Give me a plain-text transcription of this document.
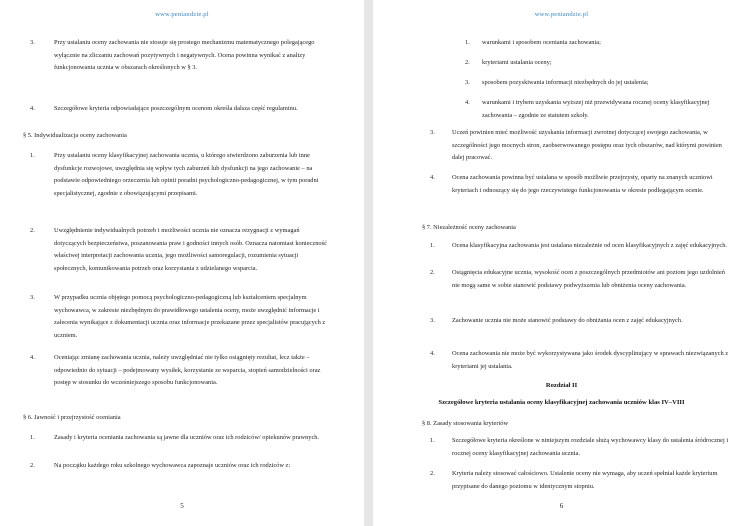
www.peniandzie.pl
3.	Przy ustalaniu oceny zachowania nie stosuje się prostego mechanizmu matematycznego polegającego wyłącznie na zliczaniu zachowań pozytywnych i negatywnych. Ocena powinna wynikać z analizy funkcjonowania ucznia w obszarach określonych w § 3.
4.	Szczegółowe kryteria odpowiadające poszczególnym ocenom określa dalsza część regulaminu.
§ 5. Indywidualizacja oceny zachowania
1.	Przy ustalaniu oceny klasyfikacyjnej zachowania ucznia, u którego stwierdzono zaburzenia lub inne dysfunkcje rozwojowe, uwzględnia się wpływ tych zaburzeń lub dysfunkcji na jego zachowanie – na podstawie odpowiedniego orzeczenia lub opinii poradni psychologiczno-pedagogicznej, w tym poradni specjalistycznej, zgodnie z obowiązującymi przepisami.
2.	Uwzględnienie indywidualnych potrzeb i możliwości ucznia nie oznacza rezygnacji z wymagań dotyczących bezpieczeństwa, poszanowania praw i godności innych osób. Oznacza natomiast konieczność właściwej interpretacji zachowania ucznia, jego możliwości samoregulacji, rozumienia sytuacji społecznych, komunikowania potrzeb oraz korzystania z udzielanego wsparcia.
3.	W przypadku ucznia objętego pomocą psychologiczno-pedagogiczną lub kształceniem specjalnym wychowawca, w zakresie niezbędnym do prawidłowego ustalenia oceny, może uwzględnić informacje i zalecenia wynikające z dokumentacji ucznia oraz informacje przekazane przez specjalistów pracujących z uczniem.
4.	Oceniając zmianę zachowania ucznia, należy uwzględniać nie tylko osiągnięty rezultat, lecz także – odpowiednio do sytuacji – podejmowany wysiłek, korzystanie ze wsparcia, stopień samodzielności oraz postęp w stosunku do wcześniejszego sposobu funkcjonowania.
§ 6. Jawność i przejrzystość oceniania
1.	Zasady i kryteria oceniania zachowania są jawne dla uczniów oraz ich rodziców/ opiekunów prawnych.
2.	Na początku każdego roku szkolnego wychowawca zapoznaje uczniów oraz ich rodziców z:
5
www.peniandzie.pl
1.	warunkami i sposobem oceniania zachowania;
2.	kryteriami ustalania oceny;
3.	sposobem pozyskiwania informacji niezbędnych do jej ustalenia;
4.	warunkami i trybem uzyskania wyższej niż przewidywana rocznej oceny klasyfikacyjnej zachowania – zgodnie ze statutem szkoły.
3.	Uczeń powinien mieć możliwość uzyskania informacji zwrotnej dotyczącej swojego zachowania, w szczególności jego mocnych stron, zaobserwowanego postępu oraz tych obszarów, nad którymi powinien dalej pracować.
4.	Ocena zachowania powinna być ustalana w sposób możliwie przejrzysty, oparty na znanych uczniowi kryteriach i odnoszący się do jego rzeczywistego funkcjonowania w okresie podlegającym ocenie.
§ 7. Niezależność oceny zachowania
1.	Ocena klasyfikacyjna zachowania jest ustalana niezależnie od ocen klasyfikacyjnych z zajęć edukacyjnych.
2.	Osiągnięcia edukacyjne ucznia, wysokość ocen z poszczególnych przedmiotów ani poziom jego uzdolnień nie mogą same w sobie stanowić podstawy podwyższenia lub obniżenia oceny zachowania.
3.	Zachowanie ucznia nie może stanowić podstawy do obniżania ocen z zajęć edukacyjnych.
4.	Ocena zachowania nie może być wykorzystywana jako środek dyscyplinujący w sprawach niezwiązanych z kryteriami jej ustalania.
Rozdział II
Szczegółowe kryteria ustalania oceny klasyfikacyjnej zachowania uczniów klas IV–VIII
§ 8. Zasady stosowania kryteriów
1.	Szczegółowe kryteria określone w niniejszym rozdziale służą wychowawcy klasy do ustalenia śródrocznej i rocznej oceny klasyfikacyjnej zachowania ucznia.
2.	Kryteria należy stosować całościowo. Ustalenie oceny nie wymaga, aby uczeń spełniał każde kryterium przypisane do danego poziomu w identycznym stopniu.
6
